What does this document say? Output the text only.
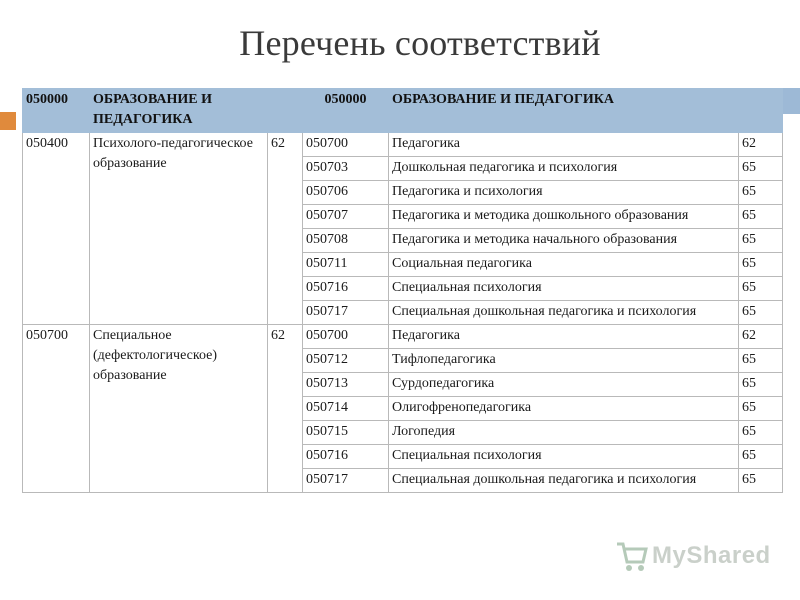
Перечень соответствий
050000	ОБРАЗОВАНИЕ И ПЕДАГОГИКА		050000	ОБРАЗОВАНИЕ И ПЕДАГОГИКА	
050400	Психолого-педагогическое образование	62	050700	Педагогика	62
			050703	Дошкольная педагогика и психология	65
			050706	Педагогика и психология	65
			050707	Педагогика и методика дошкольного образования	65
			050708	Педагогика и методика начального образования	65
			050711	Социальная педагогика	65
			050716	Специальная психология	65
			050717	Специальная дошкольная педагогика и психология	65
050700	Специальное (дефектологическое) образование	62	050700	Педагогика	62
			050712	Тифлопедагогика	65
			050713	Сурдопедагогика	65
			050714	Олигофренопедагогика	65
			050715	Логопедия	65
			050716	Специальная психология	65
			050717	Специальная дошкольная педагогика и психология	65
MyShared
